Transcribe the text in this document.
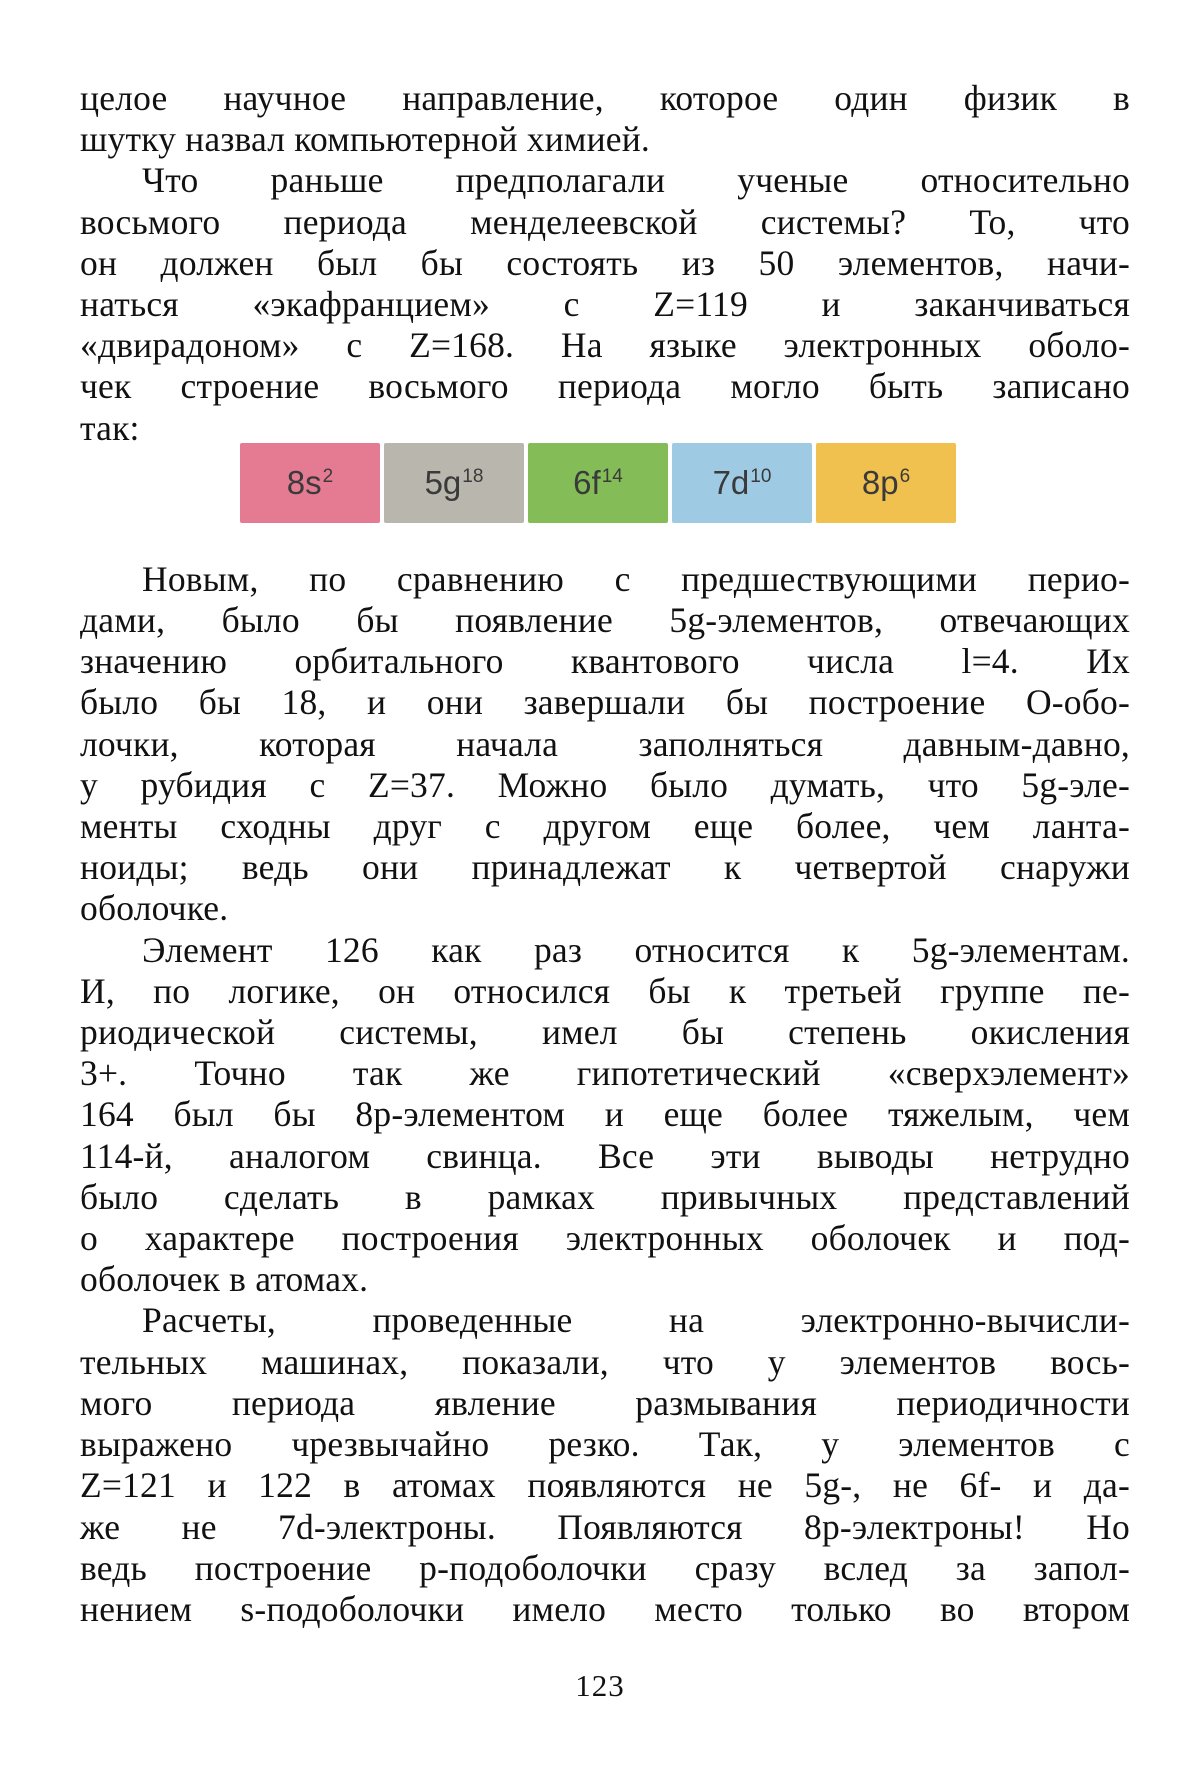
целое научное направление, которое один физик в
шутку назвал компьютерной химией.

Что раньше предполагали ученые относительно
восьмого периода менделеевской системы? То, что
он должен был бы состоять из 50 элементов, начи-
наться «экафранцием» с Z=119 и заканчиваться
«двирадоном» с Z=168. На языке электронных оболо-
чек строение восьмого периода могло быть записано
так:

$8s^2$	$5g^{18}$	$6f^{14}$	$7d^{10}$	$8p^6$

Новым, по сравнению с предшествующими перио-
дами, было бы появление 5g-элементов, отвечающих
значению орбитального квантового числа l=4. Их
было бы 18, и они завершали бы построение O-обо-
лочки, которая начала заполняться давным-давно,
у рубидия с Z=37. Можно было думать, что 5g-эле-
менты сходны друг с другом еще более, чем ланта-
ноиды; ведь они принадлежат к четвертой снаружи
оболочке.

Элемент 126 как раз относится к 5g-элементам.
И, по логике, он относился бы к третьей группе пе-
риодической системы, имел бы степень окисления
3+. Точно так же гипотетический «сверхэлемент»
164 был бы 8p-элементом и еще более тяжелым, чем
114-й, аналогом свинца. Все эти выводы нетрудно
было сделать в рамках привычных представлений
о характере построения электронных оболочек и под-
оболочек в атомах.

Расчеты, проведенные на электронно-вычисли-
тельных машинах, показали, что у элементов вось-
мого периода явление размывания периодичности
выражено чрезвычайно резко. Так, у элементов с
Z=121 и 122 в атомах появляются не 5g-, не 6f- и да-
же не 7d-электроны. Появляются 8p-электроны! Но
ведь построение p-подоболочки сразу вслед за запол-
нением s-подоболочки имело место только во втором

123
